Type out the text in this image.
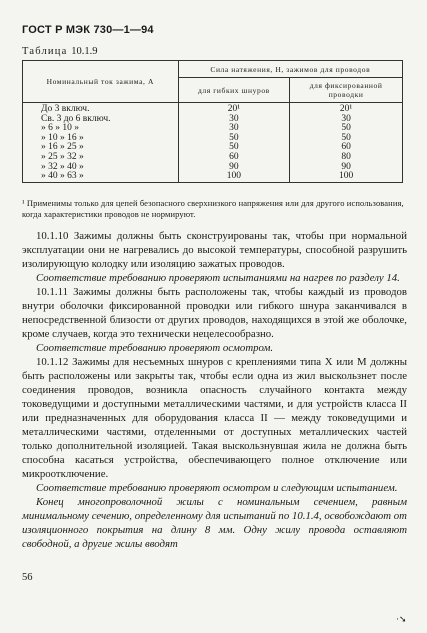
ГОСТ Р МЭК 730—1—94
Таблица 10.1.9
Номинальный ток зажима, А	Сила натяжения, Н, зажимов для проводов	
	для гибких шнуров	для фиксированной проводки
До 3 включ.	20¹	20¹
Св. 3 до 6 включ.	30	30
» 6 » 10 »	30	50
» 10 » 16 »	50	50
» 16 » 25 »	50	60
» 25 » 32 »	60	80
» 32 » 40 »	90	90
» 40 » 63 »	100	100
¹ Применимы только для цепей безопасного сверхнизкого напряжения или для другого использования, когда характеристики проводов не нормируют.

10.1.10 Зажимы должны быть сконструированы так, чтобы при нормальной эксплуатации они не нагревались до высокой температуры, способной разрушить изолирующую колодку или изоляцию зажатых проводов.

Соответствие требованию проверяют испытаниями на нагрев по разделу 14.

10.1.11 Зажимы должны быть расположены так, чтобы каждый из проводов внутри оболочки фиксированной проводки или гибкого шнура заканчивался в непосредственной близости от других проводов, находящихся в этой же оболочке, кроме случаев, когда это технически нецелесообразно.

Соответствие требованию проверяют осмотром.

10.1.12 Зажимы для несъемных шнуров с креплениями типа X или M должны быть расположены или закрыты так, чтобы если одна из жил выскользнет после соединения проводов, возникла опасность случайного контакта между токоведущими и доступными металлическими частями, и для устройств класса II или предназначенных для оборудования класса II — между токоведущими и металлическими частями, отделенными от доступных металлических частей только дополнительной изоляцией. Такая выскользнувшая жила не должна быть способна касаться устройства, обеспечивающего полное отключение или микроотключение.

Соответствие требованию проверяют осмотром и следующим испытанием.

Конец многопроволочной жилы с номинальным сечением, равным минимальному сечению, определенному для испытаний по 10.1.4, освобождают от изоляционного покрытия на длину 8 мм. Одну жилу провода оставляют свободной, а другие жилы вводят

56
·➘
